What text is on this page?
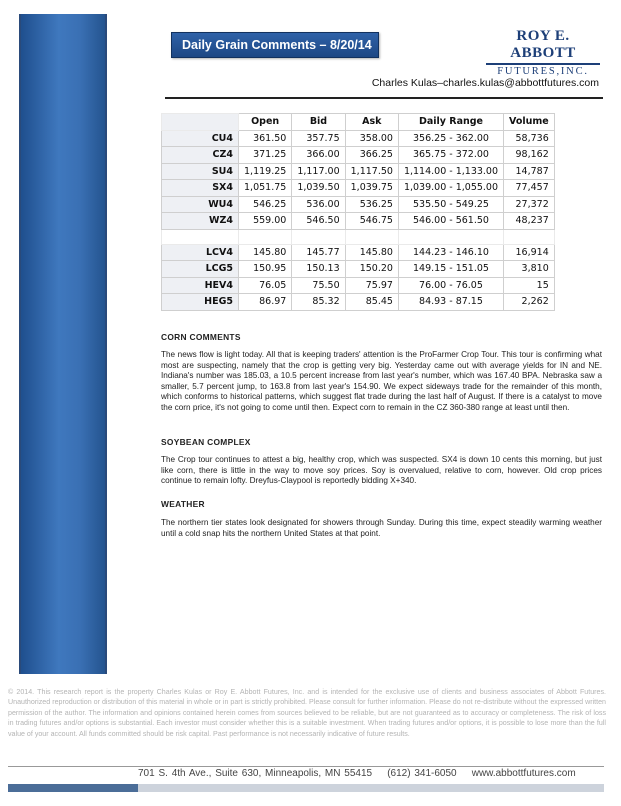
Daily Grain Comments – 8/20/14
ROY E. ABBOTT
FUTURES,INC.
Charles Kulas–charles.kulas@abbottfutures.com
	Open	Bid	Ask	Daily Range	Volume
CU4	361.50	357.75	358.00	356.25 - 362.00	58,736
CZ4	371.25	366.00	366.25	365.75 - 372.00	98,162
SU4	1,119.25	1,117.00	1,117.50	1,114.00 - 1,133.00	14,787
SX4	1,051.75	1,039.50	1,039.75	1,039.00 - 1,055.00	77,457
WU4	546.25	536.00	536.25	535.50 - 549.25	27,372
WZ4	559.00	546.50	546.75	546.00 - 561.50	48,237

LCV4	145.80	145.77	145.80	144.23 - 146.10	16,914
LCG5	150.95	150.13	150.20	149.15 - 151.05	3,810
HEV4	76.05	75.50	75.97	76.00 - 76.05	15
HEG5	86.97	85.32	85.45	84.93 - 87.15	2,262
CORN COMMENTS
The news flow is light today. All that is keeping traders' attention is the ProFarmer Crop Tour. This tour is confirming what most are suspecting, namely that the crop is getting very big. Yesterday came out with average yields for IN and NE. Indiana's number was 185.03, a 10.5 percent increase from last year's number, which was 167.40 BPA. Nebraska saw a smaller, 5.7 percent jump, to 163.8 from last year's 154.90. We expect sideways trade for the remainder of this month, which conforms to historical patterns, which suggest flat trade during the last half of August. If there is a catalyst to move the corn price, it's not going to come until then. Expect corn to remain in the CZ 360-380 range at least until then.
SOYBEAN COMPLEX
The Crop tour continues to attest a big, healthy crop, which was suspected. SX4 is down 10 cents this morning, but just like corn, there is little in the way to move soy prices. Soy is overvalued, relative to corn, however. Old crop prices continue to remain lofty. Dreyfus-Claypool is reportedly bidding X+340.
WEATHER
The northern tier states look designated for showers through Sunday. During this time, expect steadily warming weather until a cold snap hits the northern United States at that point.
© 2014. This research report is the property Charles Kulas or Roy E. Abbott Futures, Inc. and is intended for the exclusive use of clients and business associates of Abbott Futures. Unauthorized reproduction or distribution of this material in whole or in part is strictly prohibited. Please consult for further information. Please do not re-distribute without the expressed written permission of the author. The information and opinions contained herein comes from sources believed to be reliable, but are not guaranteed as to accuracy or completeness. The risk of loss in trading futures and/or options is substantial. Each investor must consider whether this is a suitable investment. When trading futures and/or options, it is possible to lose more than the full value of your account. All funds committed should be risk capital. Past performance is not necessarily indicative of future results.
701 S. 4th Ave., Suite 630, Minneapolis, MN 55415 (612) 341-6050 www.abbottfutures.com
